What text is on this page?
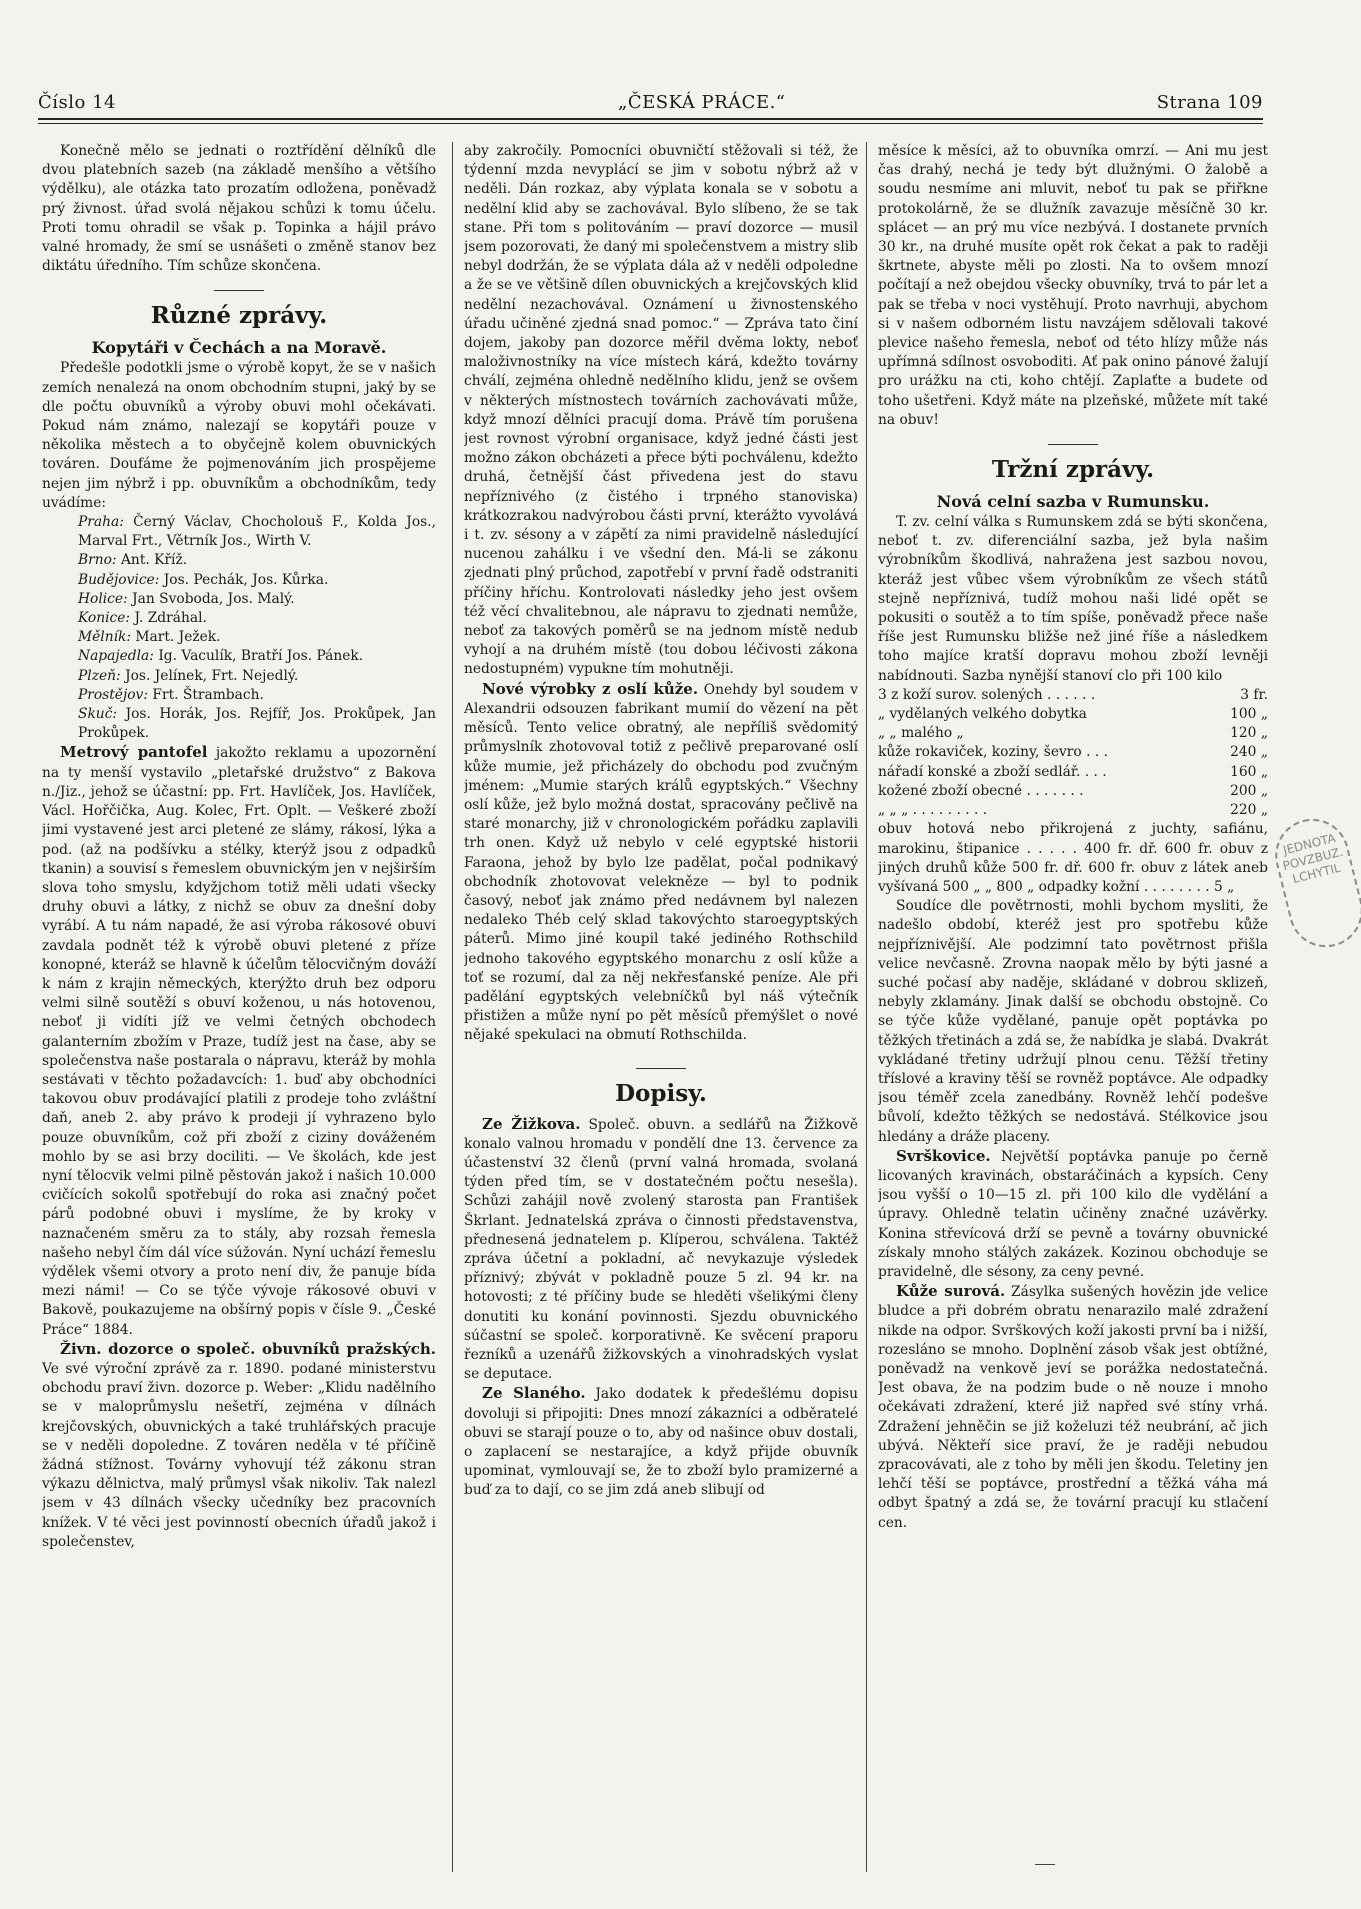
Číslo 14	„ČESKÁ PRÁCE.“	Strana 109

Konečně mělo se jednati o roztřídění dělníků dle dvou platebních sazeb (na základě menšího a většího výdělku), ale otázka tato prozatím odložena, poněvadž prý živnost. úřad svolá nějakou schůzi k tomu účelu. Proti tomu ohradil se však p. Topinka a hájil právo valné hromady, že smí se usnášeti o změně stanov bez diktátu úředního. Tím schůze skončena.

Různé zprávy.
Kopytáři v Čechách a na Moravě.

Předešle podotkli jsme o výrobě kopyt, že se v našich zemích nenalezá na onom obchodním stupni, jaký by se dle počtu obuvníků a výroby obuvi mohl očekávati. Pokud nám známo, nalezají se kopytáři pouze v několika městech a to obyčejně kolem obuvnických továren. Doufáme že pojmenováním jich prospějeme nejen jim nýbrž i pp. obuvníkům a obchodníkům, tedy uvádíme:

Praha: Černý Václav, Chocholouš F., Kolda Jos., Marval Frt., Větrník Jos., Wirth V.

Brno: Ant. Kříž.

Budějovice: Jos. Pechák, Jos. Kůrka.

Holice: Jan Svoboda, Jos. Malý.

Konice: J. Zdráhal.

Mělník: Mart. Ježek.

Napajedla: Ig. Vaculík, Bratří Jos. Pánek.

Plzeň: Jos. Jelínek, Frt. Nejedlý.

Prostějov: Frt. Štrambach.

Skuč: Jos. Horák, Jos. Rejfíř, Jos. Prokůpek, Jan Prokůpek.

Metrový pantofel jakožto reklamu a upozornění na ty menší vystavilo „pletařské družstvo“ z Bakova n./Jiz., jehož se účastní: pp. Frt. Havlíček, Jos. Havlíček, Václ. Hořčička, Aug. Kolec, Frt. Oplt. — Veškeré zboží jimi vystavené jest arci pletené ze slámy, rákosí, lýka a pod. (až na podšívku a stélky, kterýž jsou z odpadků tkanin) a souvisí s řemeslem obuvnickým jen v nejširším slova toho smyslu, kdyžjchom totiž měli udati všecky druhy obuvi a látky, z nichž se obuv za dnešní doby vyrábí. A tu nám napadé, že asi výroba rákosové obuvi zavdala podnět též k výrobě obuvi pletené z příze konopné, kteráž se hlavně k účelům tělocvičným dováží k nám z krajin německých, kterýžto druh bez odporu velmi silně soutěží s obuví koženou, u nás hotovenou, neboť ji vidíti jíž ve velmi četných obchodech galanterním zbožím v Praze, tudíž jest na čase, aby se společenstva naše postarala o nápravu, kteráž by mohla sestávati v těchto požadavcích: 1. buď aby obchodníci takovou obuv prodávající platili z prodeje toho zvláštní daň, aneb 2. aby právo k prodeji jí vyhrazeno bylo pouze obuvníkům, což při zboží z ciziny dováženém mohlo by se asi brzy dociliti. — Ve školách, kde jest nyní tělocvik velmi pilně pěstován jakož i našich 10.000 cvičících sokolů spotřebují do roka asi značný počet párů podobné obuvi i myslíme, že by kroky v naznačeném směru za to stály, aby rozsah řemesla našeho nebyl čím dál více súžován. Nyní uchází řemeslu výdělek všemi otvory a proto není div, že panuje bída mezi námi! — Co se týče vývoje rákosové obuvi v Bakově, poukazujeme na obšírný popis v čísle 9. „České Práce“ 1884.

Živn. dozorce o společ. obuvníků pražských. Ve své výroční zprávě za r. 1890. podané ministerstvu obchodu praví živn. dozorce p. Weber: „Klidu nadělního se v maloprůmyslu nešetří, zejména v dílnách krejčovských, obuvnických a také truhlářských pracuje se v neděli dopoledne. Z továren neděla v té příčině žádná stížnost. Továrny vyhovují též zákonu stran výkazu dělnictva, malý průmysl však nikoliv. Tak nalezl jsem v 43 dílnách všecky učedníky bez pracovních knížek. V té věci jest povinností obecních úřadů jakož i společenstev,

aby zakročily. Pomocníci obuvničtí stěžovali si též, že týdenní mzda nevyplácí se jim v sobotu nýbrž až v neděli. Dán rozkaz, aby výplata konala se v sobotu a nedělní klid aby se zachovával. Bylo slíbeno, že se tak stane. Při tom s politováním — praví dozorce — musil jsem pozorovati, že daný mi společenstvem a mistry slib nebyl dodržán, že se výplata dála až v neděli odpoledne a že se ve většině dílen obuvnických a krejčovských klid nedělní nezachovával. Oznámení u živnostenského úřadu učiněné zjedná snad pomoc.“ — Zpráva tato činí dojem, jakoby pan dozorce měřil dvěma lokty, neboť maloživnostníky na více místech kárá, kdežto továrny chválí, zejména ohledně nedělního klidu, jenž se ovšem v některých místnostech továrních zachovávati může, když mnozí dělníci pracují doma. Právě tím porušena jest rovnost výrobní organisace, když jedné části jest možno zákon obcházeti a přece býti pochválenu, kdežto druhá, četnější část přivedena jest do stavu nepříznivého (z čistého i trpného stanoviska) krátkozrakou nadvýrobou části první, kterážto vyvolává i t. zv. sésony a v zápětí za nimi pravidelně následující nucenou zahálku i ve všední den. Má-li se zákonu zjednati plný průchod, zapotřebí v první řadě odstraniti příčiny hříchu. Kontrolovati následky jeho jest ovšem též věcí chvalitebnou, ale nápravu to zjednati nemůže, neboť za takových poměrů se na jednom místě nedub vyhojí a na druhém místě (tou dobou léčivosti zákona nedostupném) vypukne tím mohutněji.

Nové výrobky z oslí kůže. Onehdy byl soudem v Alexandrii odsouzen fabrikant mumií do vězení na pět měsíců. Tento velice obratný, ale nepříliš svědomitý průmyslník zhotovoval totiž z pečlivě preparované oslí kůže mumie, jež přicházely do obchodu pod zvučným jménem: „Mumie starých králů egyptských.“ Všechny oslí kůže, jež bylo možná dostat, spracovány pečlivě na staré monarchy, již v chronologickém pořádku zaplavili trh onen. Když už nebylo v celé egyptské historii Faraona, jehož by bylo lze padělat, počal podnikavý obchodník zhotovovat velekněze — byl to podnik časový, neboť jak známo před nedávnem byl nalezen nedaleko Théb celý sklad takovýchto staroegyptských páterů. Mimo jiné koupil také jediného Rothschild jednoho takového egyptského monarchu z oslí kůže a toť se rozumí, dal za něj nekřesťanské peníze. Ale při padělání egyptských velebníčků byl náš výtečník přistižen a může nyní po pět měsíců přemýšlet o nové nějaké spekulaci na obmutí Rothschilda.

Dopisy.

Ze Žižkova. Společ. obuvn. a sedlářů na Žižkově konalo valnou hromadu v pondělí dne 13. července za účastenství 32 členů (první valná hromada, svolaná týden před tím, se v dostatečném počtu nesešla). Schůzi zahájil nově zvolený starosta pan František Škrlant. Jednatelská zpráva o činnosti představenstva, přednesená jednatelem p. Klíperou, schválena. Taktéž zpráva účetní a pokladní, ač nevykazuje výsledek příznivý; zbývát v pokladně pouze 5 zl. 94 kr. na hotovosti; z té příčiny bude se hleděti všelikými členy donutiti ku konání povinnosti. Sjezdu obuvnického súčastní se společ. korporativně. Ke svěcení praporu řezníků a uzenářů žižkovských a vinohradských vyslat se deputace.

Ze Slaného. Jako dodatek k předešlému dopisu dovoluji si připojiti: Dnes mnozí zákazníci a odběratelé obuvi se starají pouze o to, aby od našince obuv dostali, o zaplacení se nestarajíce, a když přijde obuvník upominat, vymlouvají se, že to zboží bylo pramizerné a buď za to dají, co se jim zdá aneb slibují od

měsíce k měsíci, až to obuvníka omrzí. — Ani mu jest čas drahý, nechá je tedy být dlužnými. O žalobě a soudu nesmíme ani mluvit, neboť tu pak se přiřkne protokolárně, že se dlužník zavazuje měsíčně 30 kr. splácet — an prý mu více nezbývá. I dostanete prvních 30 kr., na druhé musíte opět rok čekat a pak to raději škrtnete, abyste měli po zlosti. Na to ovšem mnozí počítají a než obejdou všecky obuvníky, trvá to pár let a pak se třeba v noci vystěhují. Proto navrhuji, abychom si v našem odborném listu navzájem sdělovali takové plevice našeho řemesla, neboť od této hlízy může nás upřímná sdílnost osvoboditi. Ať pak onino pánové žalují pro urážku na cti, koho chtějí. Zaplaťte a budete od toho ušetřeni. Když máte na plzeňské, můžete mít také na obuv!

Tržní zprávy.
Nová celní sazba v Rumunsku.

T. zv. celní válka s Rumunskem zdá se býti skončena, neboť t. zv. diferenciální sazba, jež byla našim výrobníkům škodlivá, nahražena jest sazbou novou, kteráž jest vůbec všem výrobníkům ze všech států stejně nepříznivá, tudíž mohou naši lidé opět se pokusiti o soutěž a to tím spíše, poněvadž přece naše říše jest Rumunsku bližše než jiné říše a následkem toho majíce kratší dopravu mohou zboží levněji nabídnouti. Sazba nynější stanoví clo při 100 kilo

3 z koží surov. solených . . . . . .	3 fr.
„ vydělaných velkého dobytka	100 „
„ „ malého „	120 „
kůže rokaviček, koziny, ševro . . .	240 „
nářadí konské a zboží sedlář. . . .	160 „
kožené zboží obecné . . . . . . .	200 „
„ „ „ . . . . . . . . .	220 „

obuv hotová nebo přikrojená z juchty, safiánu, marokinu, štipanice . . . . . 400 fr. dř. 600 fr. obuv z jiných druhů kůže 500 fr. dř. 600 fr. obuv z látek aneb vyšívaná 500 „ „ 800 „ odpadky kožní . . . . . . . . 5 „

Soudíce dle povětrnosti, mohli bychom mysliti, že nadešlo období, kteréž jest pro spotřebu kůže nejpříznivější. Ale podzimní tato povětrnost přišla velice nevčasně. Zrovna naopak mělo by býti jasné a suché počasí aby naděje, skládané v dobrou sklizeň, nebyly zklamány. Jinak další se obchodu obstojně. Co se týče kůže vydělané, panuje opět poptávka po těžkých třetinách a zdá se, že nabídka je slabá. Dvakrát vykládané třetiny udržují plnou cenu. Těžší třetiny tříslové a kraviny těší se rovněž poptávce. Ale odpadky jsou téměř zcela zanedbány. Rovněž lehčí podešve bůvolí, kdežto těžkých se nedostává. Stélkovice jsou hledány a dráže placeny.

Svrškovice. Největší poptávka panuje po černě licovaných kravinách, obstaráčinách a kypsích. Ceny jsou vyšší o 10—15 zl. při 100 kilo dle vydělání a úpravy. Ohledně telatin učiněny značné uzávěrky. Konina střevícová drží se pevně a továrny obuvnické získaly mnoho stálých zakázek. Kozinou obchoduje se pravidelně, dle sésony, za ceny pevné.

Kůže surová. Zásylka sušených hovězin jde velice bludce a při dobrém obratu nenarazilo malé zdražení nikde na odpor. Svrškových koží jakosti první ba i nižší, rozesláno se mnoho. Doplnění zásob však jest obtížné, poněvadž na venkově jeví se porážka nedostatečná. Jest obava, že na podzim bude o ně nouze i mnoho očekávati zdražení, které již napřed své stíny vrhá. Zdražení jehněčin se již koželuzi též neubrání, ač jich ubývá. Někteří sice praví, že je raději nebudou zpracovávati, ale z toho by měli jen škodu. Teletiny jen lehčí těší se poptávce, prostřední a těžká váha má odbyt špatný a zdá se, že tovární pracují ku stlačení cen.

JEDNOTA POVZBUZ. LCHYTIL
